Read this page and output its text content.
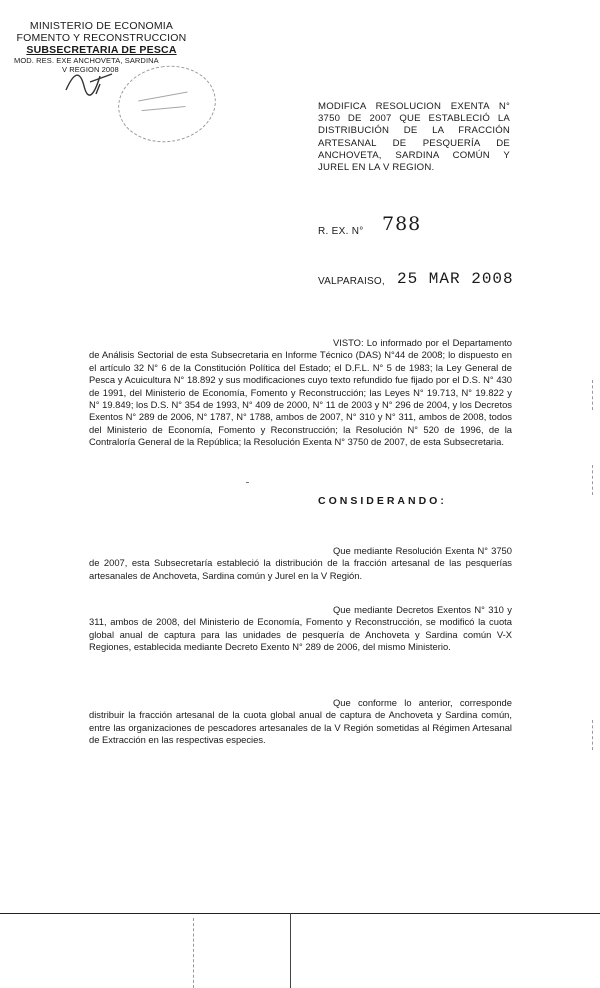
MINISTERIO DE ECONOMIA
FOMENTO Y RECONSTRUCCION
SUBSECRETARIA DE PESCA
MOD. RES. EXE ANCHOVETA, SARDINA
V REGION 2008
MODIFICA RESOLUCION EXENTA N° 3750 DE 2007 QUE ESTABLECIÓ LA DISTRIBUCIÓN DE LA FRACCIÓN ARTESANAL DE PESQUERÍA DE ANCHOVETA, SARDINA COMÚN Y JUREL EN LA V REGION.
R. EX. N° 788
VALPARAISO, 25 MAR 2008
VISTO: Lo informado por el Departamento de Análisis Sectorial de esta Subsecretaria en Informe Técnico (DAS) N°44 de 2008; lo dispuesto en el artículo 32 N° 6 de la Constitución Política del Estado; el D.F.L. N° 5 de 1983; la Ley General de Pesca y Acuicultura N° 18.892 y sus modificaciones cuyo texto refundido fue fijado por el D.S. N° 430 de 1991, del Ministerio de Economía, Fomento y Reconstrucción; las Leyes N° 19.713, N° 19.822 y N° 19.849; los D.S. N° 354 de 1993, N° 409 de 2000, N° 11 de 2003 y N° 296 de 2004, y los Decretos Exentos N° 289 de 2006, N° 1787, N° 1788, ambos de 2007, N° 310 y N° 311, ambos de 2008, todos del Ministerio de Economía, Fomento y Reconstrucción; la Resolución N° 520 de 1996, de la Contraloría General de la República; la Resolución Exenta N° 3750 de 2007, de esta Subsecretaria.
CONSIDERANDO:
Que mediante Resolución Exenta N° 3750 de 2007, esta Subsecretaría estableció la distribución de la fracción artesanal de las pesquerías artesanales de Anchoveta, Sardina común y Jurel en la V Región.
Que mediante Decretos Exentos N° 310 y 311, ambos de 2008, del Ministerio de Economía, Fomento y Reconstrucción, se modificó la cuota global anual de captura para las unidades de pesquería de Anchoveta y Sardina común V-X Regiones, establecida mediante Decreto Exento N° 289 de 2006, del mismo Ministerio.
Que conforme lo anterior, corresponde distribuir la fracción artesanal de la cuota global anual de captura de Anchoveta y Sardina común, entre las organizaciones de pescadores artesanales de la V Región sometidas al Régimen Artesanal de Extracción en las respectivas especies.
